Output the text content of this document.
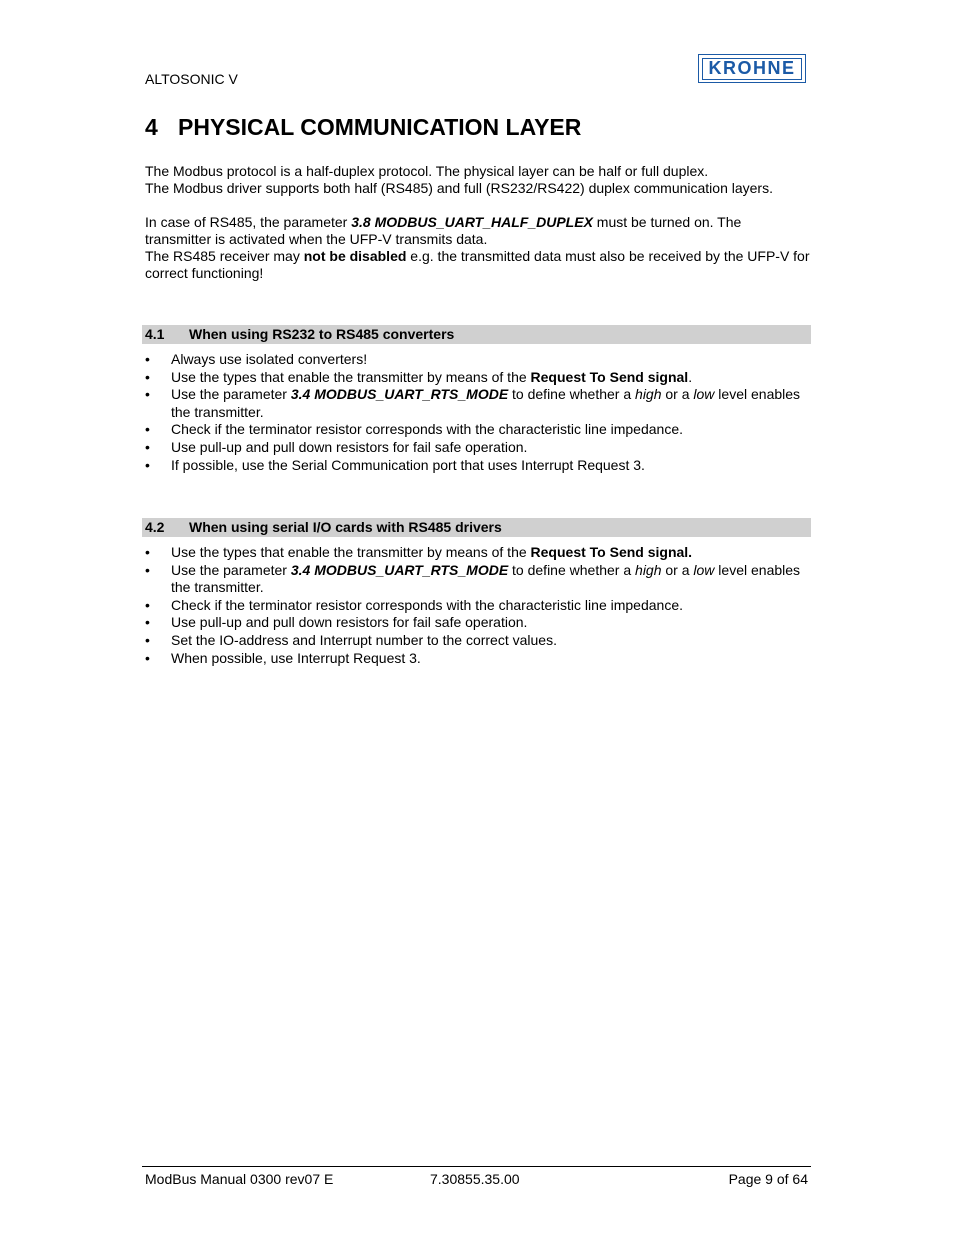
ALTOSONIC V
KROHNE
4 PHYSICAL COMMUNICATION LAYER

The Modbus protocol is a half-duplex protocol. The physical layer can be half or full duplex.

The Modbus driver supports both half (RS485) and full (RS232/RS422) duplex communication layers.

In case of RS485, the parameter 3.8 MODBUS_UART_HALF_DUPLEX must be turned on. The transmitter is activated when the UFP-V transmits data.

The RS485 receiver may not be disabled e.g. the transmitted data must also be received by the UFP-V for correct functioning!

4.1 When using RS232 to RS485 converters
• Always use isolated converters!
• Use the types that enable the transmitter by means of the Request To Send signal.
• Use the parameter 3.4 MODBUS_UART_RTS_MODE to define whether a high or a low level enables the transmitter.
• Check if the terminator resistor corresponds with the characteristic line impedance.
• Use pull-up and pull down resistors for fail safe operation.
• If possible, use the Serial Communication port that uses Interrupt Request 3.
4.2 When using serial I/O cards with RS485 drivers
• Use the types that enable the transmitter by means of the Request To Send signal.
• Use the parameter 3.4 MODBUS_UART_RTS_MODE to define whether a high or a low level enables the transmitter.
• Check if the terminator resistor corresponds with the characteristic line impedance.
• Use pull-up and pull down resistors for fail safe operation.
• Set the IO-address and Interrupt number to the correct values.
• When possible, use Interrupt Request 3.
ModBus Manual 0300 rev07 E	7.30855.35.00	Page 9 of 64
